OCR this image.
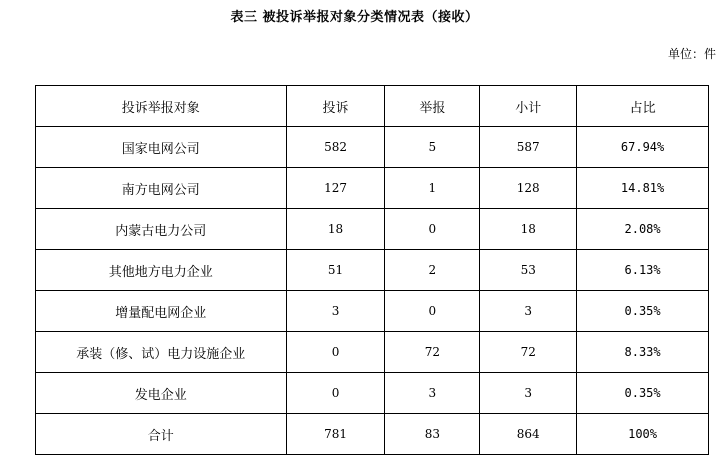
表三 被投诉举报对象分类情况表（接收）
单位：件
投诉举报对象	投诉	举报	小计	占比
国家电网公司	582	5	587	67.94%
南方电网公司	127	1	128	14.81%
内蒙古电力公司	18	0	18	2.08%
其他地方电力企业	51	2	53	6.13%
增量配电网企业	3	0	3	0.35%
承装（修、试）电力设施企业	0	72	72	8.33%
发电企业	0	3	3	0.35%
合计	781	83	864	100%
